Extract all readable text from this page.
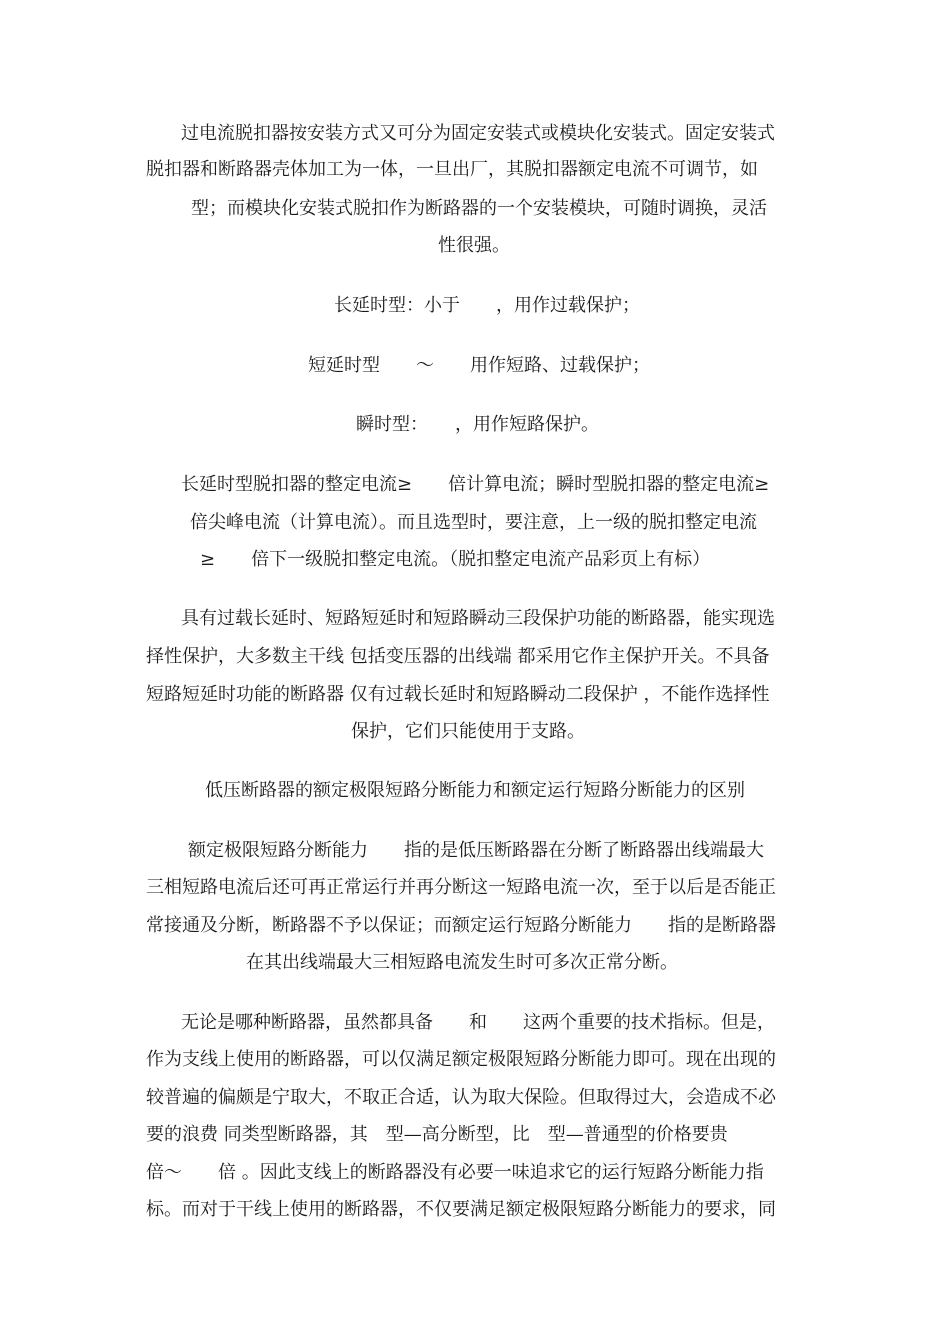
过电流脱扣器按安装方式又可分为固定安装式或模块化安装式。固定安装式
脱扣器和断路器壳体加工为一体，一旦出厂，其脱扣器额定电流不可调节，如
型；而模块化安装式脱扣作为断路器的一个安装模块，可随时调换，灵活
性很强。
长延时型：小于　　，用作过载保护；
短延时型　　～　　用作短路、过载保护；
瞬时型：　　，用作短路保护。
长延时型脱扣器的整定电流≥　　倍计算电流；瞬时型脱扣器的整定电流≥
倍尖峰电流（计算电流）。而且选型时，要注意，上一级的脱扣整定电流
≥　　倍下一级脱扣整定电流。（脱扣整定电流产品彩页上有标）
具有过载长延时、短路短延时和短路瞬动三段保护功能的断路器，能实现选
择性保护，大多数主干线 包括变压器的出线端 都采用它作主保护开关。不具备
短路短延时功能的断路器 仅有过载长延时和短路瞬动二段保护 ，不能作选择性
保护，它们只能使用于支路。
低压断路器的额定极限短路分断能力和额定运行短路分断能力的区别
额定极限短路分断能力　　指的是低压断路器在分断了断路器出线端最大
三相短路电流后还可再正常运行并再分断这一短路电流一次，至于以后是否能正
常接通及分断，断路器不予以保证；而额定运行短路分断能力　　指的是断路器
在其出线端最大三相短路电流发生时可多次正常分断。
无论是哪种断路器，虽然都具备　　和　　这两个重要的技术指标。但是，
作为支线上使用的断路器，可以仅满足额定极限短路分断能力即可。现在出现的
较普遍的偏颇是宁取大，不取正合适，认为取大保险。但取得过大，会造成不必
要的浪费 同类型断路器，其　型—高分断型，比　型—普通型的价格要贵
倍～　　倍 。因此支线上的断路器没有必要一味追求它的运行短路分断能力指
标。而对于干线上使用的断路器，不仅要满足额定极限短路分断能力的要求，同
